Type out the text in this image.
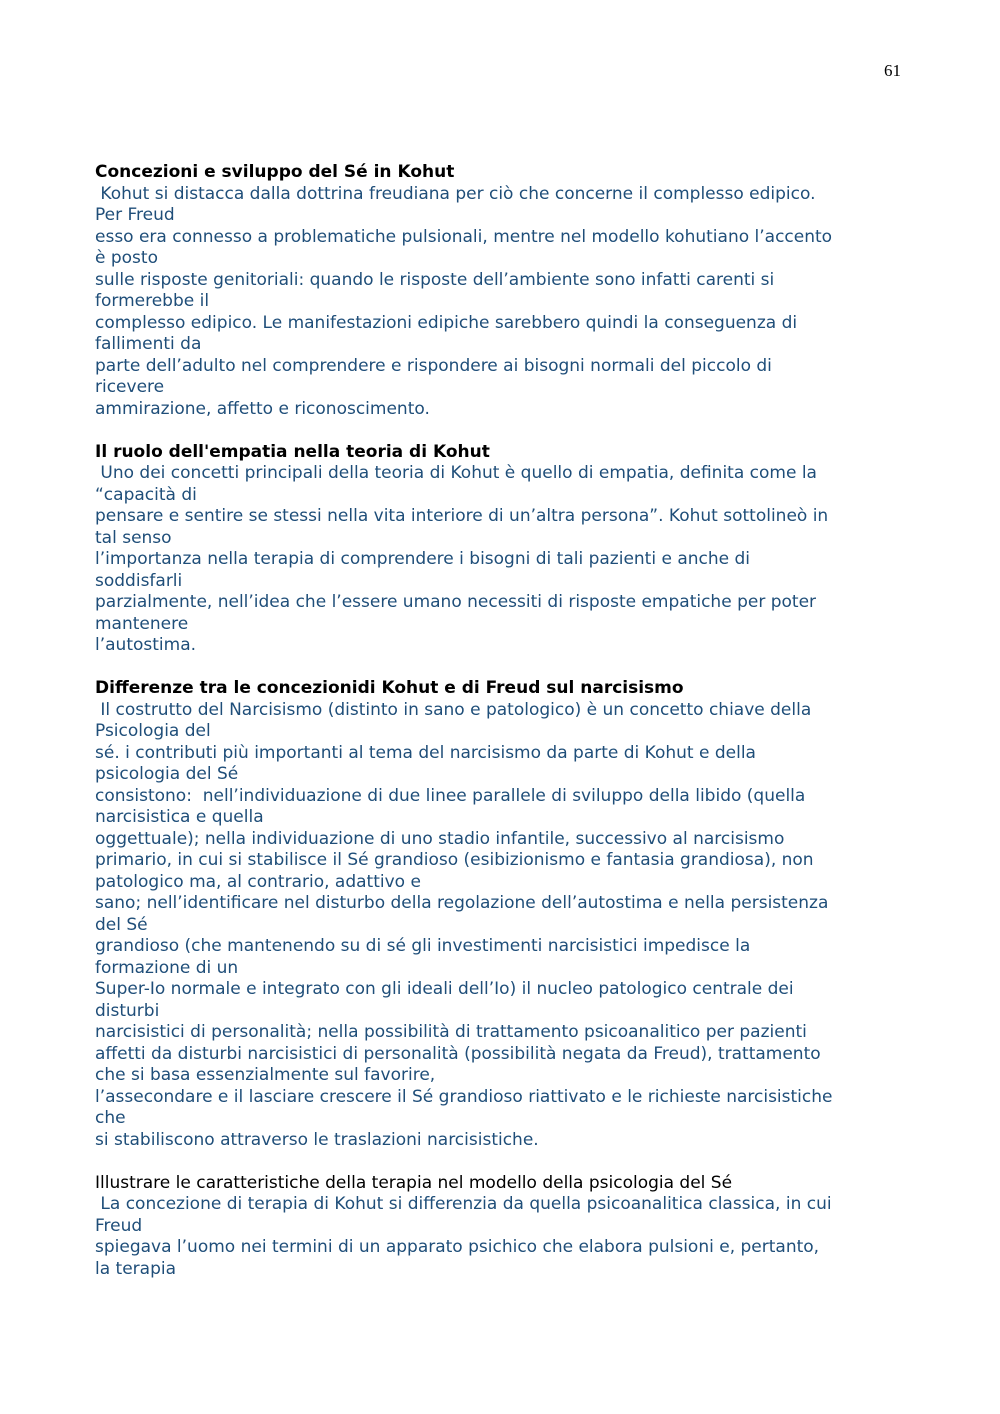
61
Concezioni e sviluppo del Sé in Kohut
Kohut si distacca dalla dottrina freudiana per ciò che concerne il complesso edipico.
Per Freud
esso era connesso a problematiche pulsionali, mentre nel modello kohutiano l’accento
è posto
sulle risposte genitoriali: quando le risposte dell’ambiente sono infatti carenti si
formerebbe il
complesso edipico. Le manifestazioni edipiche sarebbero quindi la conseguenza di
fallimenti da
parte dell’adulto nel comprendere e rispondere ai bisogni normali del piccolo di
ricevere
ammirazione, affetto e riconoscimento.
Il ruolo dell'empatia nella teoria di Kohut
Uno dei concetti principali della teoria di Kohut è quello di empatia, definita come la
“capacità di
pensare e sentire se stessi nella vita interiore di un’altra persona”. Kohut sottolineò in
tal senso
l’importanza nella terapia di comprendere i bisogni di tali pazienti e anche di
soddisfarli
parzialmente, nell’idea che l’essere umano necessiti di risposte empatiche per poter
mantenere
l’autostima.
Differenze tra le concezionidi Kohut e di Freud sul narcisismo
Il costrutto del Narcisismo (distinto in sano e patologico) è un concetto chiave della
Psicologia del
sé. i contributi più importanti al tema del narcisismo da parte di Kohut e della
psicologia del Sé
consistono:  nell’individuazione di due linee parallele di sviluppo della libido (quella
narcisistica e quella
oggettuale); nella individuazione di uno stadio infantile, successivo al narcisismo
primario, in cui si stabilisce il Sé grandioso (esibizionismo e fantasia grandiosa), non
patologico ma, al contrario, adattivo e
sano; nell’identificare nel disturbo della regolazione dell’autostima e nella persistenza
del Sé
grandioso (che mantenendo su di sé gli investimenti narcisistici impedisce la
formazione di un
Super-Io normale e integrato con gli ideali dell’Io) il nucleo patologico centrale dei
disturbi
narcisistici di personalità; nella possibilità di trattamento psicoanalitico per pazienti
affetti da disturbi narcisistici di personalità (possibilità negata da Freud), trattamento
che si basa essenzialmente sul favorire,
l’assecondare e il lasciare crescere il Sé grandioso riattivato e le richieste narcisistiche
che
si stabiliscono attraverso le traslazioni narcisistiche.
Illustrare le caratteristiche della terapia nel modello della psicologia del Sé
La concezione di terapia di Kohut si differenzia da quella psicoanalitica classica, in cui
Freud
spiegava l’uomo nei termini di un apparato psichico che elabora pulsioni e, pertanto,
la terapia
